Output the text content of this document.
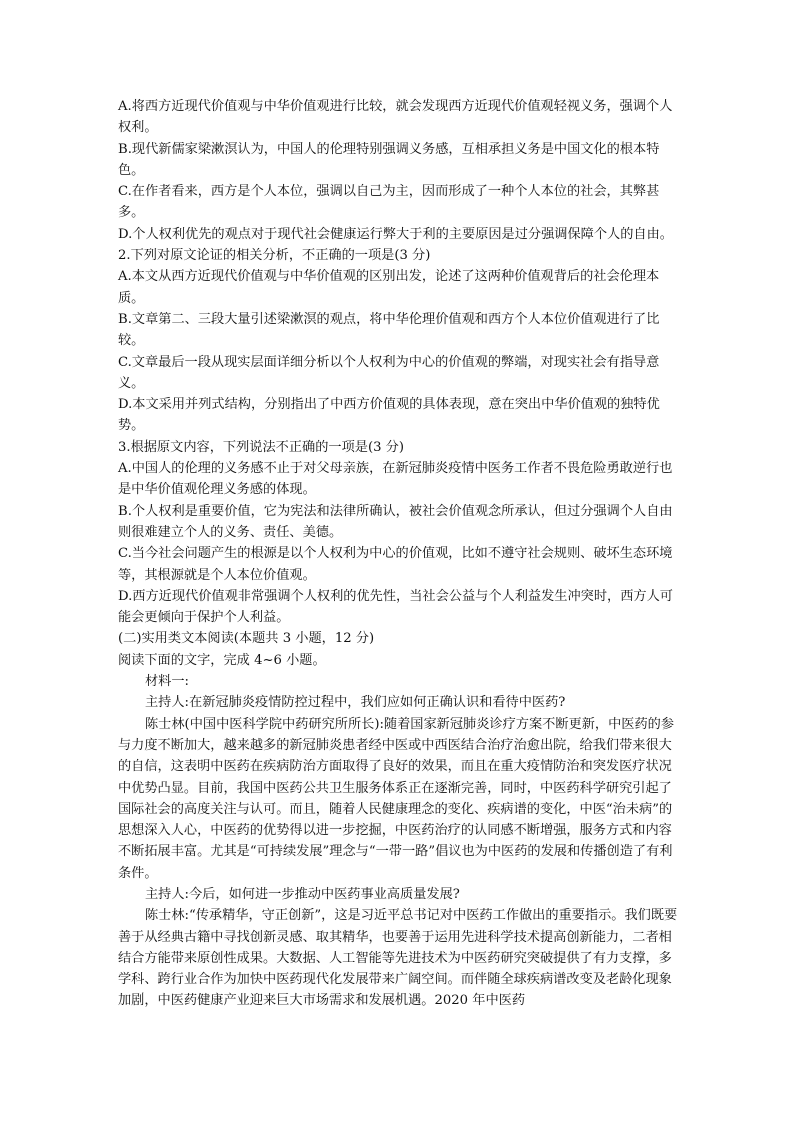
A.将西方近现代价值观与中华价值观进行比较，就会发现西方近现代价值观轻视义务，强调个人权利。

B.现代新儒家梁漱溟认为，中国人的伦理特别强调义务感，互相承担义务是中国文化的根本特色。

C.在作者看来，西方是个人本位，强调以自己为主，因而形成了一种个人本位的社会，其弊甚多。

D.个人权利优先的观点对于现代社会健康运行弊大于利的主要原因是过分强调保障个人的自由。

2.下列对原文论证的相关分析，不正确的一项是(3 分)

A.本文从西方近现代价值观与中华价值观的区别出发，论述了这两种价值观背后的社会伦理本质。

B.文章第二、三段大量引述梁漱溟的观点，将中华伦理价值观和西方个人本位价值观进行了比较。

C.文章最后一段从现实层面详细分析以个人权利为中心的价值观的弊端，对现实社会有指导意义。

D.本文采用并列式结构，分别指出了中西方价值观的具体表现，意在突出中华价值观的独特优势。

3.根据原文内容，下列说法不正确的一项是(3 分)

A.中国人的伦理的义务感不止于对父母亲族，在新冠肺炎疫情中医务工作者不畏危险勇敢逆行也是中华价值观伦理义务感的体现。

B.个人权利是重要价值，它为宪法和法律所确认，被社会价值观念所承认，但过分强调个人自由则很难建立个人的义务、责任、美德。

C.当今社会问题产生的根源是以个人权利为中心的价值观，比如不遵守社会规则、破坏生态环境等，其根源就是个人本位价值观。

D.西方近现代价值观非常强调个人权利的优先性，当社会公益与个人利益发生冲突时，西方人可能会更倾向于保护个人利益。

(二)实用类文本阅读(本题共 3 小题，12 分)

阅读下面的文字，完成 4~6 小题。

材料一:

主持人:在新冠肺炎疫情防控过程中，我们应如何正确认识和看待中医药?

陈士林(中国中医科学院中药研究所所长):随着国家新冠肺炎诊疗方案不断更新，中医药的参与力度不断加大，越来越多的新冠肺炎患者经中医或中西医结合治疗治愈出院，给我们带来很大的自信，这表明中医药在疾病防治方面取得了良好的效果，而且在重大疫情防治和突发医疗状况中优势凸显。目前，我国中医药公共卫生服务体系正在逐渐完善，同时，中医药科学研究引起了国际社会的高度关注与认可。而且，随着人民健康理念的变化、疾病谱的变化，中医“治未病”的思想深入人心，中医药的优势得以进一步挖掘，中医药治疗的认同感不断增强，服务方式和内容不断拓展丰富。尤其是“可持续发展”理念与“一带一路”倡议也为中医药的发展和传播创造了有利条件。

主持人:今后，如何进一步推动中医药事业高质量发展?

陈士林:“传承精华，守正创新”，这是习近平总书记对中医药工作做出的重要指示。我们既要善于从经典古籍中寻找创新灵感、取其精华，也要善于运用先进科学技术提高创新能力，二者相结合方能带来原创性成果。大数据、人工智能等先进技术为中医药研究突破提供了有力支撑，多学科、跨行业合作为加快中医药现代化发展带来广阔空间。而伴随全球疾病谱改变及老龄化现象加剧，中医药健康产业迎来巨大市场需求和发展机遇。2020 年中医药
